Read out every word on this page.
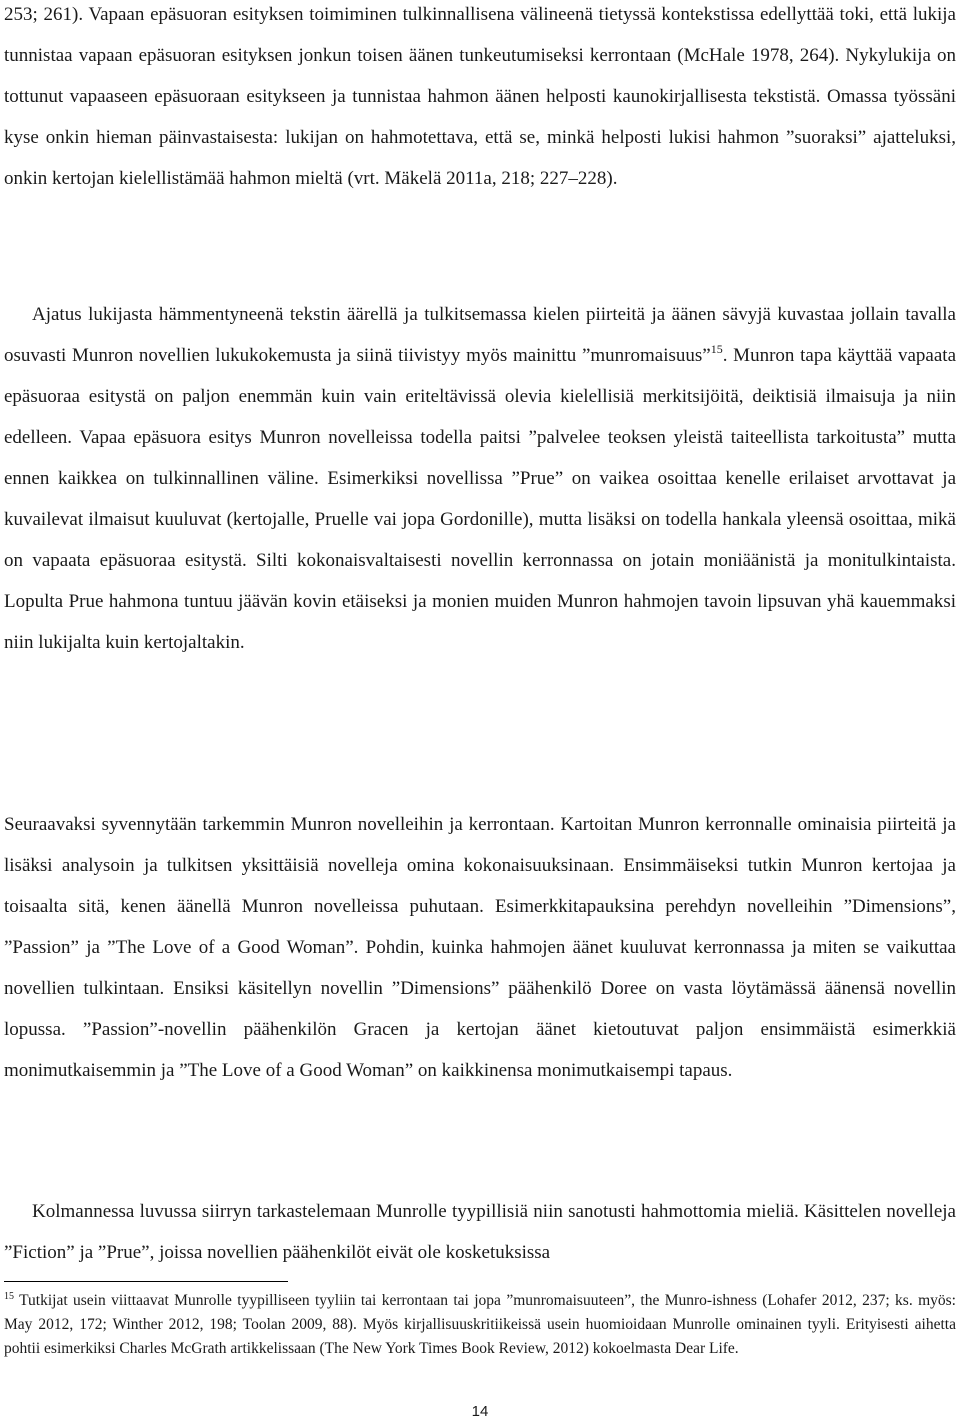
253; 261). Vapaan epäsuoran esityksen toimiminen tulkinnallisena välineenä tietyssä kontekstissa edellyttää toki, että lukija tunnistaa vapaan epäsuoran esityksen jonkun toisen äänen tunkeutumiseksi kerrontaan (McHale 1978, 264). Nykylukija on tottunut vapaaseen epäsuoraan esitykseen ja tunnistaa hahmon äänen helposti kaunokirjallisesta tekstistä. Omassa työssäni kyse onkin hieman päinvastaisesta: lukijan on hahmotettava, että se, minkä helposti lukisi hahmon ”suoraksi” ajatteluksi, onkin kertojan kielellistämää hahmon mieltä (vrt. Mäkelä 2011a, 218; 227–228).

Ajatus lukijasta hämmentyneenä tekstin äärellä ja tulkitsemassa kielen piirteitä ja äänen sävyjä kuvastaa jollain tavalla osuvasti Munron novellien lukukokemusta ja siinä tiivistyy myös mainittu ”munromaisuus”$^{15}$. Munron tapa käyttää vapaata epäsuoraa esitystä on paljon enemmän kuin vain eriteltävissä olevia kielellisiä merkitsijöitä, deiktisiä ilmaisuja ja niin edelleen. Vapaa epäsuora esitys Munron novelleissa todella paitsi ”palvelee teoksen yleistä taiteellista tarkoitusta” mutta ennen kaikkea on tulkinnallinen väline. Esimerkiksi novellissa ”Prue” on vaikea osoittaa kenelle erilaiset arvottavat ja kuvailevat ilmaisut kuuluvat (kertojalle, Pruelle vai jopa Gordonille), mutta lisäksi on todella hankala yleensä osoittaa, mikä on vapaata epäsuoraa esitystä. Silti kokonaisvaltaisesti novellin kerronnassa on jotain moniäänistä ja monitulkintaista. Lopulta Prue hahmona tuntuu jäävän kovin etäiseksi ja monien muiden Munron hahmojen tavoin lipsuvan yhä kauemmaksi niin lukijalta kuin kertojaltakin.

Seuraavaksi syvennytään tarkemmin Munron novelleihin ja kerrontaan. Kartoitan Munron kerronnalle ominaisia piirteitä ja lisäksi analysoin ja tulkitsen yksittäisiä novelleja omina kokonaisuuksinaan. Ensimmäiseksi tutkin Munron kertojaa ja toisaalta sitä, kenen äänellä Munron novelleissa puhutaan. Esimerkkitapauksina perehdyn novelleihin ”Dimensions”, ”Passion” ja ”The Love of a Good Woman”. Pohdin, kuinka hahmojen äänet kuuluvat kerronnassa ja miten se vaikuttaa novellien tulkintaan. Ensiksi käsitellyn novellin ”Dimensions” päähenkilö Doree on vasta löytämässä äänensä novellin lopussa. ”Passion”-novellin päähenkilön Gracen ja kertojan äänet kietoutuvat paljon ensimmäistä esimerkkiä monimutkaisemmin ja ”The Love of a Good Woman” on kaikkinensa monimutkaisempi tapaus.

Kolmannessa luvussa siirryn tarkastelemaan Munrolle tyypillisiä niin sanotusti hahmottomia mieliä. Käsittelen novelleja ”Fiction” ja ”Prue”, joissa novellien päähenkilöt eivät ole kosketuksissa

$^{15}$ Tutkijat usein viittaavat Munrolle tyypilliseen tyyliin tai kerrontaan tai jopa ”munromaisuuteen”, the Munro-ishness (Lohafer 2012, 237; ks. myös: May 2012, 172; Winther 2012, 198; Toolan 2009, 88). Myös kirjallisuuskritiikeissä usein huomioidaan Munrolle ominainen tyyli. Erityisesti aihetta pohtii esimerkiksi Charles McGrath artikkelissaan (The New York Times Book Review, 2012) kokoelmasta Dear Life.

14
